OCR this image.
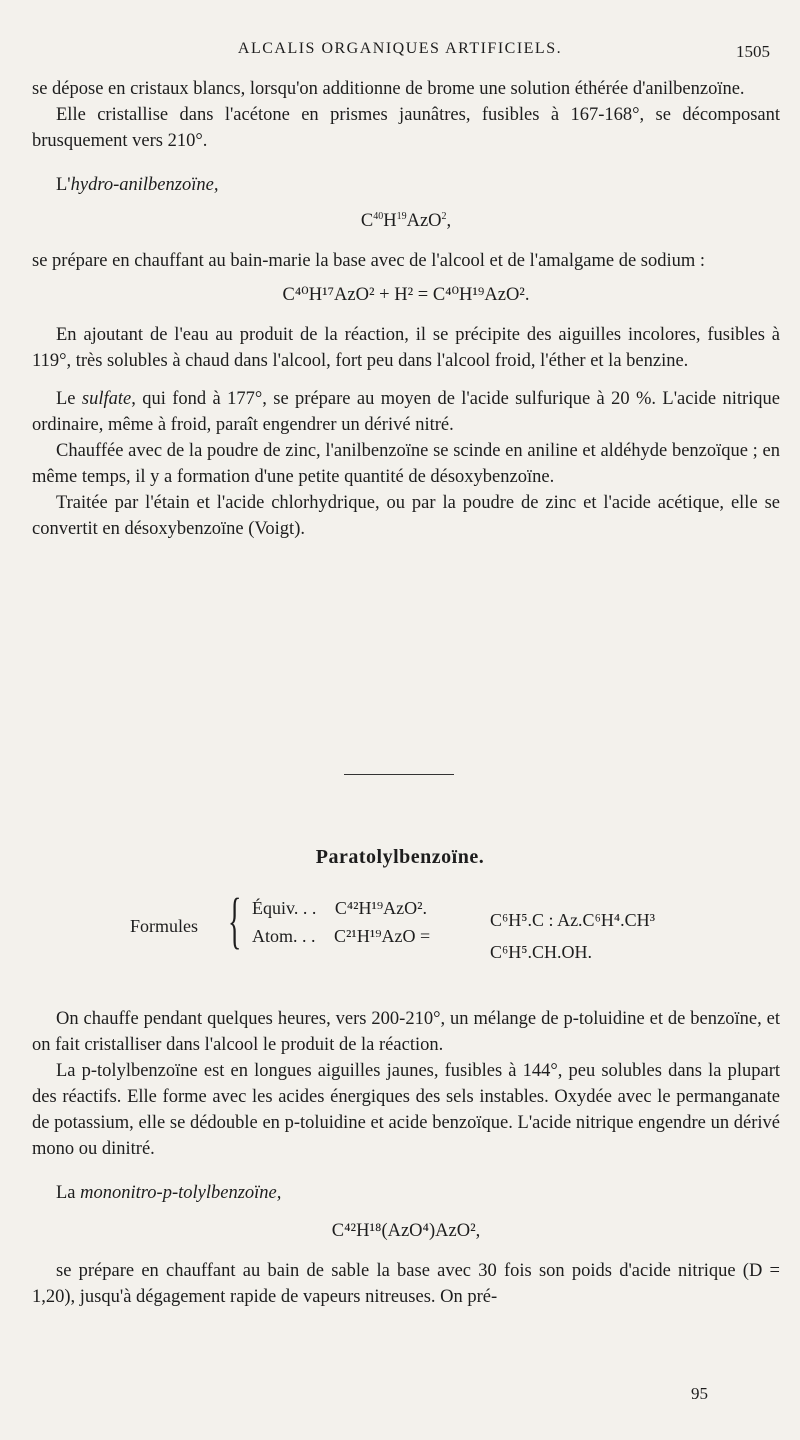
ALCALIS ORGANIQUES ARTIFICIELS.	1505

se dépose en cristaux blancs, lorsqu'on additionne de brome une solution éthérée d'anilbenzoïne.

Elle cristallise dans l'acétone en prismes jaunâtres, fusibles à 167-168°, se décomposant brusquement vers 210°.

L'hydro-anilbenzoïne,

$C^{40}H^{19}AzO^2$,

se prépare en chauffant au bain-marie la base avec de l'alcool et de l'amalgame de sodium :

C⁴⁰H¹⁷AzO² + H² = C⁴⁰H¹⁹AzO².

En ajoutant de l'eau au produit de la réaction, il se précipite des aiguilles incolores, fusibles à 119°, très solubles à chaud dans l'alcool, fort peu dans l'alcool froid, l'éther et la benzine.

Le sulfate, qui fond à 177°, se prépare au moyen de l'acide sulfurique à 20 %. L'acide nitrique ordinaire, même à froid, paraît engendrer un dérivé nitré.

Chauffée avec de la poudre de zinc, l'anilbenzoïne se scinde en aniline et aldéhyde benzoïque ; en même temps, il y a formation d'une petite quantité de désoxybenzoïne.

Traitée par l'étain et l'acide chlorhydrique, ou par la poudre de zinc et l'acide acétique, elle se convertit en désoxybenzoïne (Voigt).

Paratolylbenzoïne.
Formules { Équiv. . . C⁴²H¹⁹AzO².
Atom. . . C²¹H¹⁹AzO =
C⁶H⁵.C : Az.C⁶H⁴.CH³
C⁶H⁵.CH.OH.

On chauffe pendant quelques heures, vers 200-210°, un mélange de p-toluidine et de benzoïne, et on fait cristalliser dans l'alcool le produit de la réaction.

La p-tolylbenzoïne est en longues aiguilles jaunes, fusibles à 144°, peu solubles dans la plupart des réactifs. Elle forme avec les acides énergiques des sels instables. Oxydée avec le permanganate de potassium, elle se dédouble en p-toluidine et acide benzoïque. L'acide nitrique engendre un dérivé mono ou dinitré.

La mononitro-p-tolylbenzoïne,

C⁴²H¹⁸(AzO⁴)AzO²,

se prépare en chauffant au bain de sable la base avec 30 fois son poids d'acide nitrique (D = 1,20), jusqu'à dégagement rapide de vapeurs nitreuses. On pré-

95
